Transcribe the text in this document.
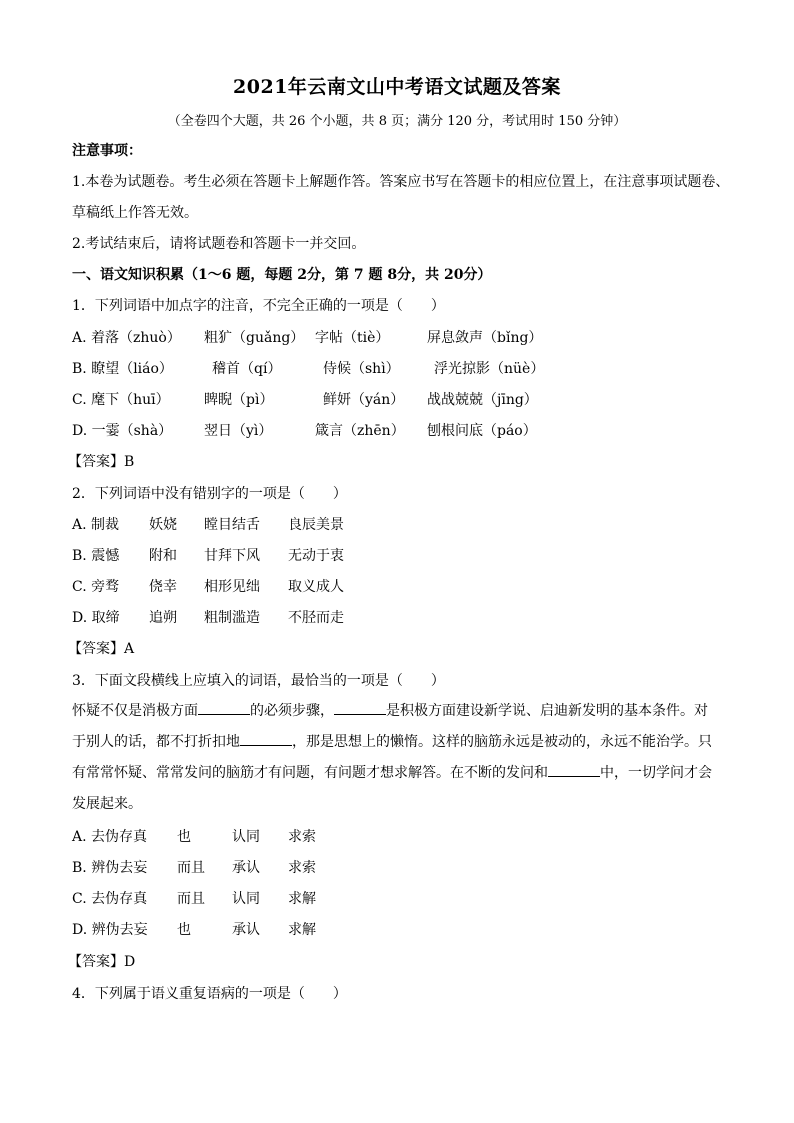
2021年云南文山中考语文试题及答案
（全卷四个大题，共 26 个小题，共 8 页；满分 120 分，考试用时 150 分钟）
注意事项：
1.本卷为试题卷。考生必须在答题卡上解题作答。答案应书写在答题卡的相应位置上，在注意事项试题卷、
草稿纸上作答无效。
2.考试结束后，请将试题卷和答题卡一并交回。
一、语文知识积累（1～6 题，每题 2分，第 7 题 8分，共 20分）
1．下列词语中加点字的注音，不完全正确的一项是（　　）
A. 着落（zhuò） 粗犷（guǎng） 字帖（tiè）	屏息敛声（bǐng）
B. 瞭望（liáo）	稽首（qí）	侍候（shì） 浮光掠影（nüè）
C. 麾下（huī） 睥睨（pì）	鲜妍（yán） 战战兢兢（jīng）
D. 一霎（shà） 翌日（yì）	箴言（zhēn） 刨根问底（páo）
【答案】B
2．下列词语中没有错别字的一项是（　　）
A. 制裁 妖娆 瞠目结舌 良辰美景
B. 震憾 附和 甘拜下风 无动于衷
C. 旁骛 侥幸 相形见绌 取义成人
D. 取缔 追朔 粗制滥造 不胫而走
【答案】A
3．下面文段横线上应填入的词语，最恰当的一项是（　　）
怀疑不仅是消极方面	的必须步骤，	是积极方面建设新学说、启迪新发明的基本条件。对
于别人的话，都不打折扣地	，那是思想上的懒惰。这样的脑筋永远是被动的，永远不能治学。只
有常常怀疑、常常发问的脑筋才有问题，有问题才想求解答。在不断的发问和	中，一切学问才会
发展起来。
A. 去伪存真 也	认同 求索
B. 辨伪去妄 而且 承认 求索
C. 去伪存真 而且 认同 求解
D. 辨伪去妄 也	承认 求解
【答案】D
4．下列属于语义重复语病的一项是（　　）
